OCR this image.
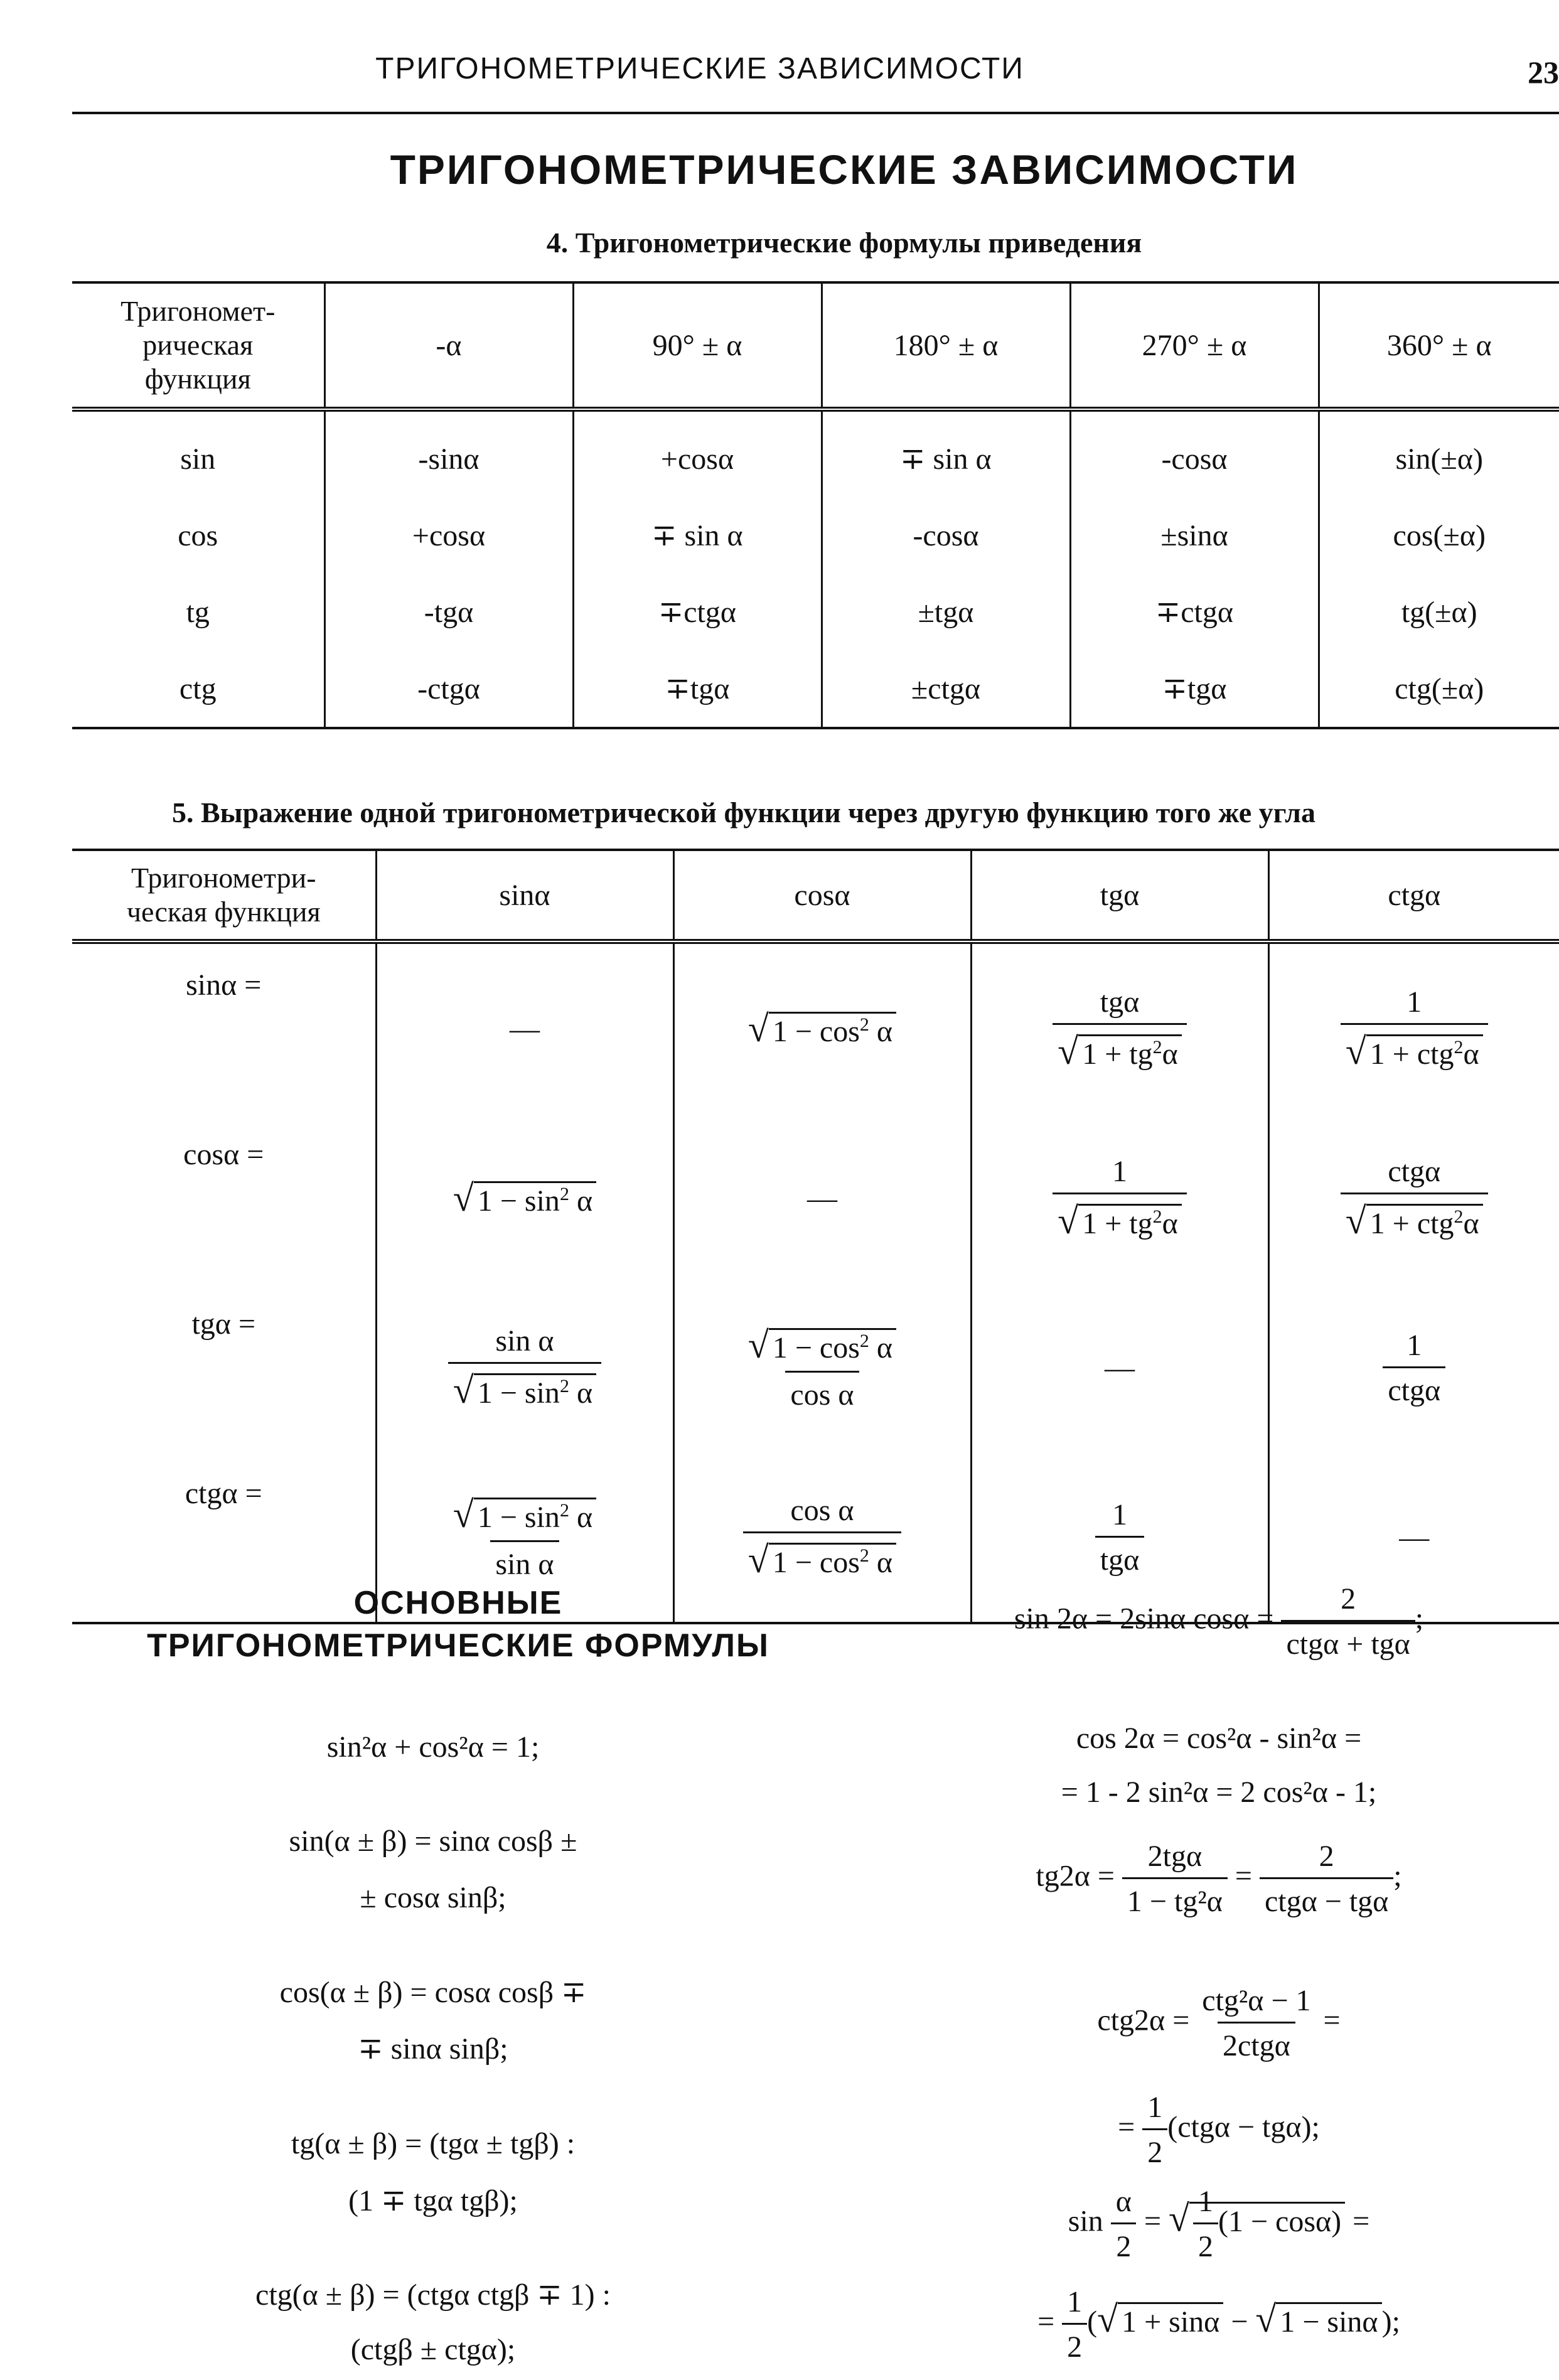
ТРИГОНОМЕТРИЧЕСКИЕ ЗАВИСИМОСТИ	23
ТРИГОНОМЕТРИЧЕСКИЕ ЗАВИСИМОСТИ
4. Тригонометрические формулы приведения
Тригономет-
рическая
функция	-α	90° ± α	180° ± α	270° ± α	360° ± α
sin	-sinα	+cosα	∓ sin α	-cosα	sin(±α)
cos	+cosα	∓ sin α	-cosα	±sinα	cos(±α)
tg	-tgα	∓ctgα	±tgα	∓ctgα	tg(±α)
ctg	-ctgα	∓tgα	±ctgα	∓tgα	ctg(±α)
5. Выражение одной тригонометрической функции через другую функцию того же угла
Тригонометри-
ческая функция	sinα	cosα	tgα	ctgα
sinα =	—	√ $1 - \cos^2 \alpha$	$\frac{\text{tgα}}{√ 1 + tg^2\alpha}$	$\frac{1}{√ 1 + ctg^2\alpha}$

cosα =	√ $1 - \sin^2 \alpha$	—	$\frac{1}{√ 1 + tg^2\alpha}$	$\frac{\text{ctgα}}{√ 1 + ctg^2\alpha}$

tgα =	$\frac{\text{sin α}}{√ 1 - \sin^2 \alpha}$	$\frac{√ 1 - \cos^2 \alpha}{\text{cos α}}$	—	$\frac{1}{\text{ctgα}}$

ctgα =	$\frac{√ 1 - \sin^2 \alpha}{\text{sin α}}$	$\frac{\text{cos α}}{√ 1 - \cos^2 \alpha}$	$\frac{1}{\text{tgα}}$	—
ОСНОВНЫЕ
ТРИГОНОМЕТРИЧЕСКИЕ ФОРМУЛЫ
sin²α + cos²α = 1;
sin(α ± β) = sinα cosβ ±
± cosα sinβ;
cos(α ± β) = cosα cosβ ∓
∓ sinα sinβ;
tg(α ± β) = (tgα ± tgβ) :
(1 ∓ tgα tgβ);
ctg(α ± β) = (ctgα ctgβ ∓ 1) :
(ctgβ ± ctgα);
sin 2α = 2sinα $\cos\alpha = \frac{2}{\text{ctgα + tgα}}$ ;
cos 2α = cos²α - sin²α =
= 1 - 2 sin²α = 2 cos²α - 1;
$tg2\alpha = \frac{\text{2tgα}}{\text{1 − tg²α}} = \frac{2}{\text{ctgα − tgα}}$ ;
$ctg2\alpha = \frac{\text{ctg²α − 1}}{\text{2ctgα}}$ =
= $\frac{1}{2} (ctg\alpha - tg\alpha)$;
$\sin \frac{\alpha}{2}$ = √ $\frac{1}{2} (1 - \cos\alpha)$ =
= $\frac{1}{2}$ (√ 1 + sinα − √ 1 − sinα );
